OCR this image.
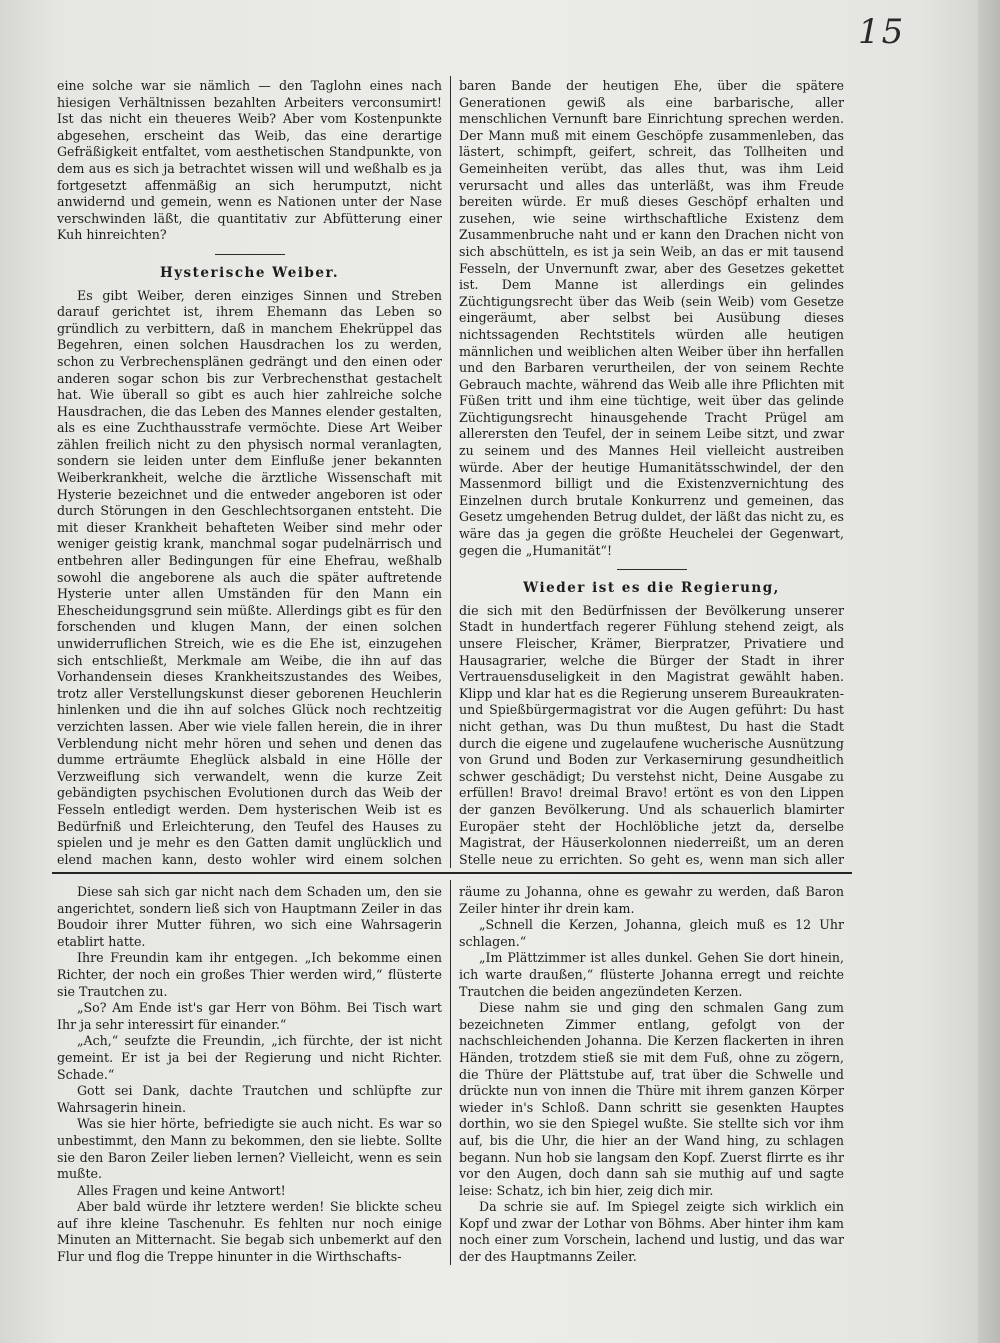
15

eine solche war sie nämlich — den Taglohn eines nach hiesigen Verhältnissen bezahlten Arbeiters verconsumirt! Ist das nicht ein theueres Weib? Aber vom Kostenpunkte abgesehen, erscheint das Weib, das eine derartige Gefräßigkeit entfaltet, vom aesthetischen Standpunkte, von dem aus es sich ja betrachtet wissen will und weßhalb es ja fortgesetzt affenmäßig an sich herumputzt, nicht anwidernd und gemein, wenn es Nationen unter der Nase verschwinden läßt, die quantitativ zur Abfütterung einer Kuh hinreichten?

Hysterische Weiber.

Es gibt Weiber, deren einziges Sinnen und Streben darauf gerichtet ist, ihrem Ehemann das Leben so gründlich zu verbittern, daß in manchem Ehekrüppel das Begehren, einen solchen Hausdrachen los zu werden, schon zu Verbrechensplänen gedrängt und den einen oder anderen sogar schon bis zur Verbrechensthat gestachelt hat. Wie überall so gibt es auch hier zahlreiche solche Hausdrachen, die das Leben des Mannes elender gestalten, als es eine Zuchthausstrafe vermöchte. Diese Art Weiber zählen freilich nicht zu den physisch normal veranlagten, sondern sie leiden unter dem Einfluße jener bekannten Weiberkrankheit, welche die ärztliche Wissenschaft mit Hysterie bezeichnet und die entweder angeboren ist oder durch Störungen in den Geschlechtsorganen entsteht. Die mit dieser Krankheit behafteten Weiber sind mehr oder weniger geistig krank, manchmal sogar pudelnärrisch und entbehren aller Bedingungen für eine Ehefrau, weßhalb sowohl die angeborene als auch die später auftretende Hysterie unter allen Umständen für den Mann ein Ehescheidungsgrund sein müßte. Allerdings gibt es für den forschenden und klugen Mann, der einen solchen unwiderruflichen Streich, wie es die Ehe ist, einzugehen sich entschließt, Merkmale am Weibe, die ihn auf das Vorhandensein dieses Krankheitszustandes des Weibes, trotz aller Verstellungskunst dieser geborenen Heuchlerin hinlenken und die ihn auf solches Glück noch rechtzeitig verzichten lassen. Aber wie viele fallen herein, die in ihrer Verblendung nicht mehr hören und sehen und denen das dumme erträumte Eheglück alsbald in eine Hölle der Verzweiflung sich verwandelt, wenn die kurze Zeit gebändigten psychischen Evolutionen durch das Weib der Fesseln entledigt werden. Dem hysterischen Weib ist es Bedürfniß und Erleichterung, den Teufel des Hauses zu spielen und je mehr es den Gatten damit unglücklich und elend machen kann, desto wohler wird einem solchen

baren Bande der heutigen Ehe, über die spätere Generationen gewiß als eine barbarische, aller menschlichen Vernunft bare Einrichtung sprechen werden. Der Mann muß mit einem Geschöpfe zusammenleben, das lästert, schimpft, geifert, schreit, das Tollheiten und Gemeinheiten verübt, das alles thut, was ihm Leid verursacht und alles das unterläßt, was ihm Freude bereiten würde. Er muß dieses Geschöpf erhalten und zusehen, wie seine wirthschaftliche Existenz dem Zusammenbruche naht und er kann den Drachen nicht von sich abschütteln, es ist ja sein Weib, an das er mit tausend Fesseln, der Unvernunft zwar, aber des Gesetzes gekettet ist. Dem Manne ist allerdings ein gelindes Züchtigungsrecht über das Weib (sein Weib) vom Gesetze eingeräumt, aber selbst bei Ausübung dieses nichtssagenden Rechtstitels würden alle heutigen männlichen und weiblichen alten Weiber über ihn herfallen und den Barbaren verurtheilen, der von seinem Rechte Gebrauch machte, während das Weib alle ihre Pflichten mit Füßen tritt und ihm eine tüchtige, weit über das gelinde Züchtigungsrecht hinausgehende Tracht Prügel am allerersten den Teufel, der in seinem Leibe sitzt, und zwar zu seinem und des Mannes Heil vielleicht austreiben würde. Aber der heutige Humanitätsschwindel, der den Massenmord billigt und die Existenzvernichtung des Einzelnen durch brutale Konkurrenz und gemeinen, das Gesetz umgehenden Betrug duldet, der läßt das nicht zu, es wäre das ja gegen die größte Heuchelei der Gegenwart, gegen die „Humanität“!

Wieder ist es die Regierung,

die sich mit den Bedürfnissen der Bevölkerung unserer Stadt in hundertfach regerer Fühlung stehend zeigt, als unsere Fleischer, Krämer, Bierpratzer, Privatiere und Hausagrarier, welche die Bürger der Stadt in ihrer Vertrauensduseligkeit in den Magistrat gewählt haben. Klipp und klar hat es die Regierung unserem Bureaukraten- und Spießbürgermagistrat vor die Augen geführt: Du hast nicht gethan, was Du thun mußtest, Du hast die Stadt durch die eigene und zugelaufene wucherische Ausnützung von Grund und Boden zur Verkasernirung gesundheitlich schwer geschädigt; Du verstehst nicht, Deine Ausgabe zu erfüllen! Bravo! dreimal Bravo! ertönt es von den Lippen der ganzen Bevölkerung. Und als schauerlich blamirter Europäer steht der Hochlöbliche jetzt da, derselbe Magistrat, der Häuserkolonnen niederreißt, um an deren Stelle neue zu errichten. So geht es, wenn man sich aller

Diese sah sich gar nicht nach dem Schaden um, den sie angerichtet, sondern ließ sich von Hauptmann Zeiler in das Boudoir ihrer Mutter führen, wo sich eine Wahrsagerin etablirt hatte.

Ihre Freundin kam ihr entgegen. „Ich bekomme einen Richter, der noch ein großes Thier werden wird,“ flüsterte sie Trautchen zu.

„So? Am Ende ist's gar Herr von Böhm. Bei Tisch wart Ihr ja sehr interessirt für einander.“

„Ach,“ seufzte die Freundin, „ich fürchte, der ist nicht gemeint. Er ist ja bei der Regierung und nicht Richter. Schade.“

Gott sei Dank, dachte Trautchen und schlüpfte zur Wahrsagerin hinein.

Was sie hier hörte, befriedigte sie auch nicht. Es war so unbestimmt, den Mann zu bekommen, den sie liebte. Sollte sie den Baron Zeiler lieben lernen? Vielleicht, wenn es sein mußte.

Alles Fragen und keine Antwort!

Aber bald würde ihr letztere werden! Sie blickte scheu auf ihre kleine Taschenuhr. Es fehlten nur noch einige Minuten an Mitternacht. Sie begab sich unbemerkt auf den Flur und flog die Treppe hinunter in die Wirthschafts-

räume zu Johanna, ohne es gewahr zu werden, daß Baron Zeiler hinter ihr drein kam.

„Schnell die Kerzen, Johanna, gleich muß es 12 Uhr schlagen.“

„Im Plättzimmer ist alles dunkel. Gehen Sie dort hinein, ich warte draußen,“ flüsterte Johanna erregt und reichte Trautchen die beiden angezündeten Kerzen.

Diese nahm sie und ging den schmalen Gang zum bezeichneten Zimmer entlang, gefolgt von der nachschleichenden Johanna. Die Kerzen flackerten in ihren Händen, trotzdem stieß sie mit dem Fuß, ohne zu zögern, die Thüre der Plättstube auf, trat über die Schwelle und drückte nun von innen die Thüre mit ihrem ganzen Körper wieder in's Schloß. Dann schritt sie gesenkten Hauptes dorthin, wo sie den Spiegel wußte. Sie stellte sich vor ihm auf, bis die Uhr, die hier an der Wand hing, zu schlagen begann. Nun hob sie langsam den Kopf. Zuerst flirrte es ihr vor den Augen, doch dann sah sie muthig auf und sagte leise: Schatz, ich bin hier, zeig dich mir.

Da schrie sie auf. Im Spiegel zeigte sich wirklich ein Kopf und zwar der Lothar von Böhms. Aber hinter ihm kam noch einer zum Vorschein, lachend und lustig, und das war der des Hauptmanns Zeiler.
